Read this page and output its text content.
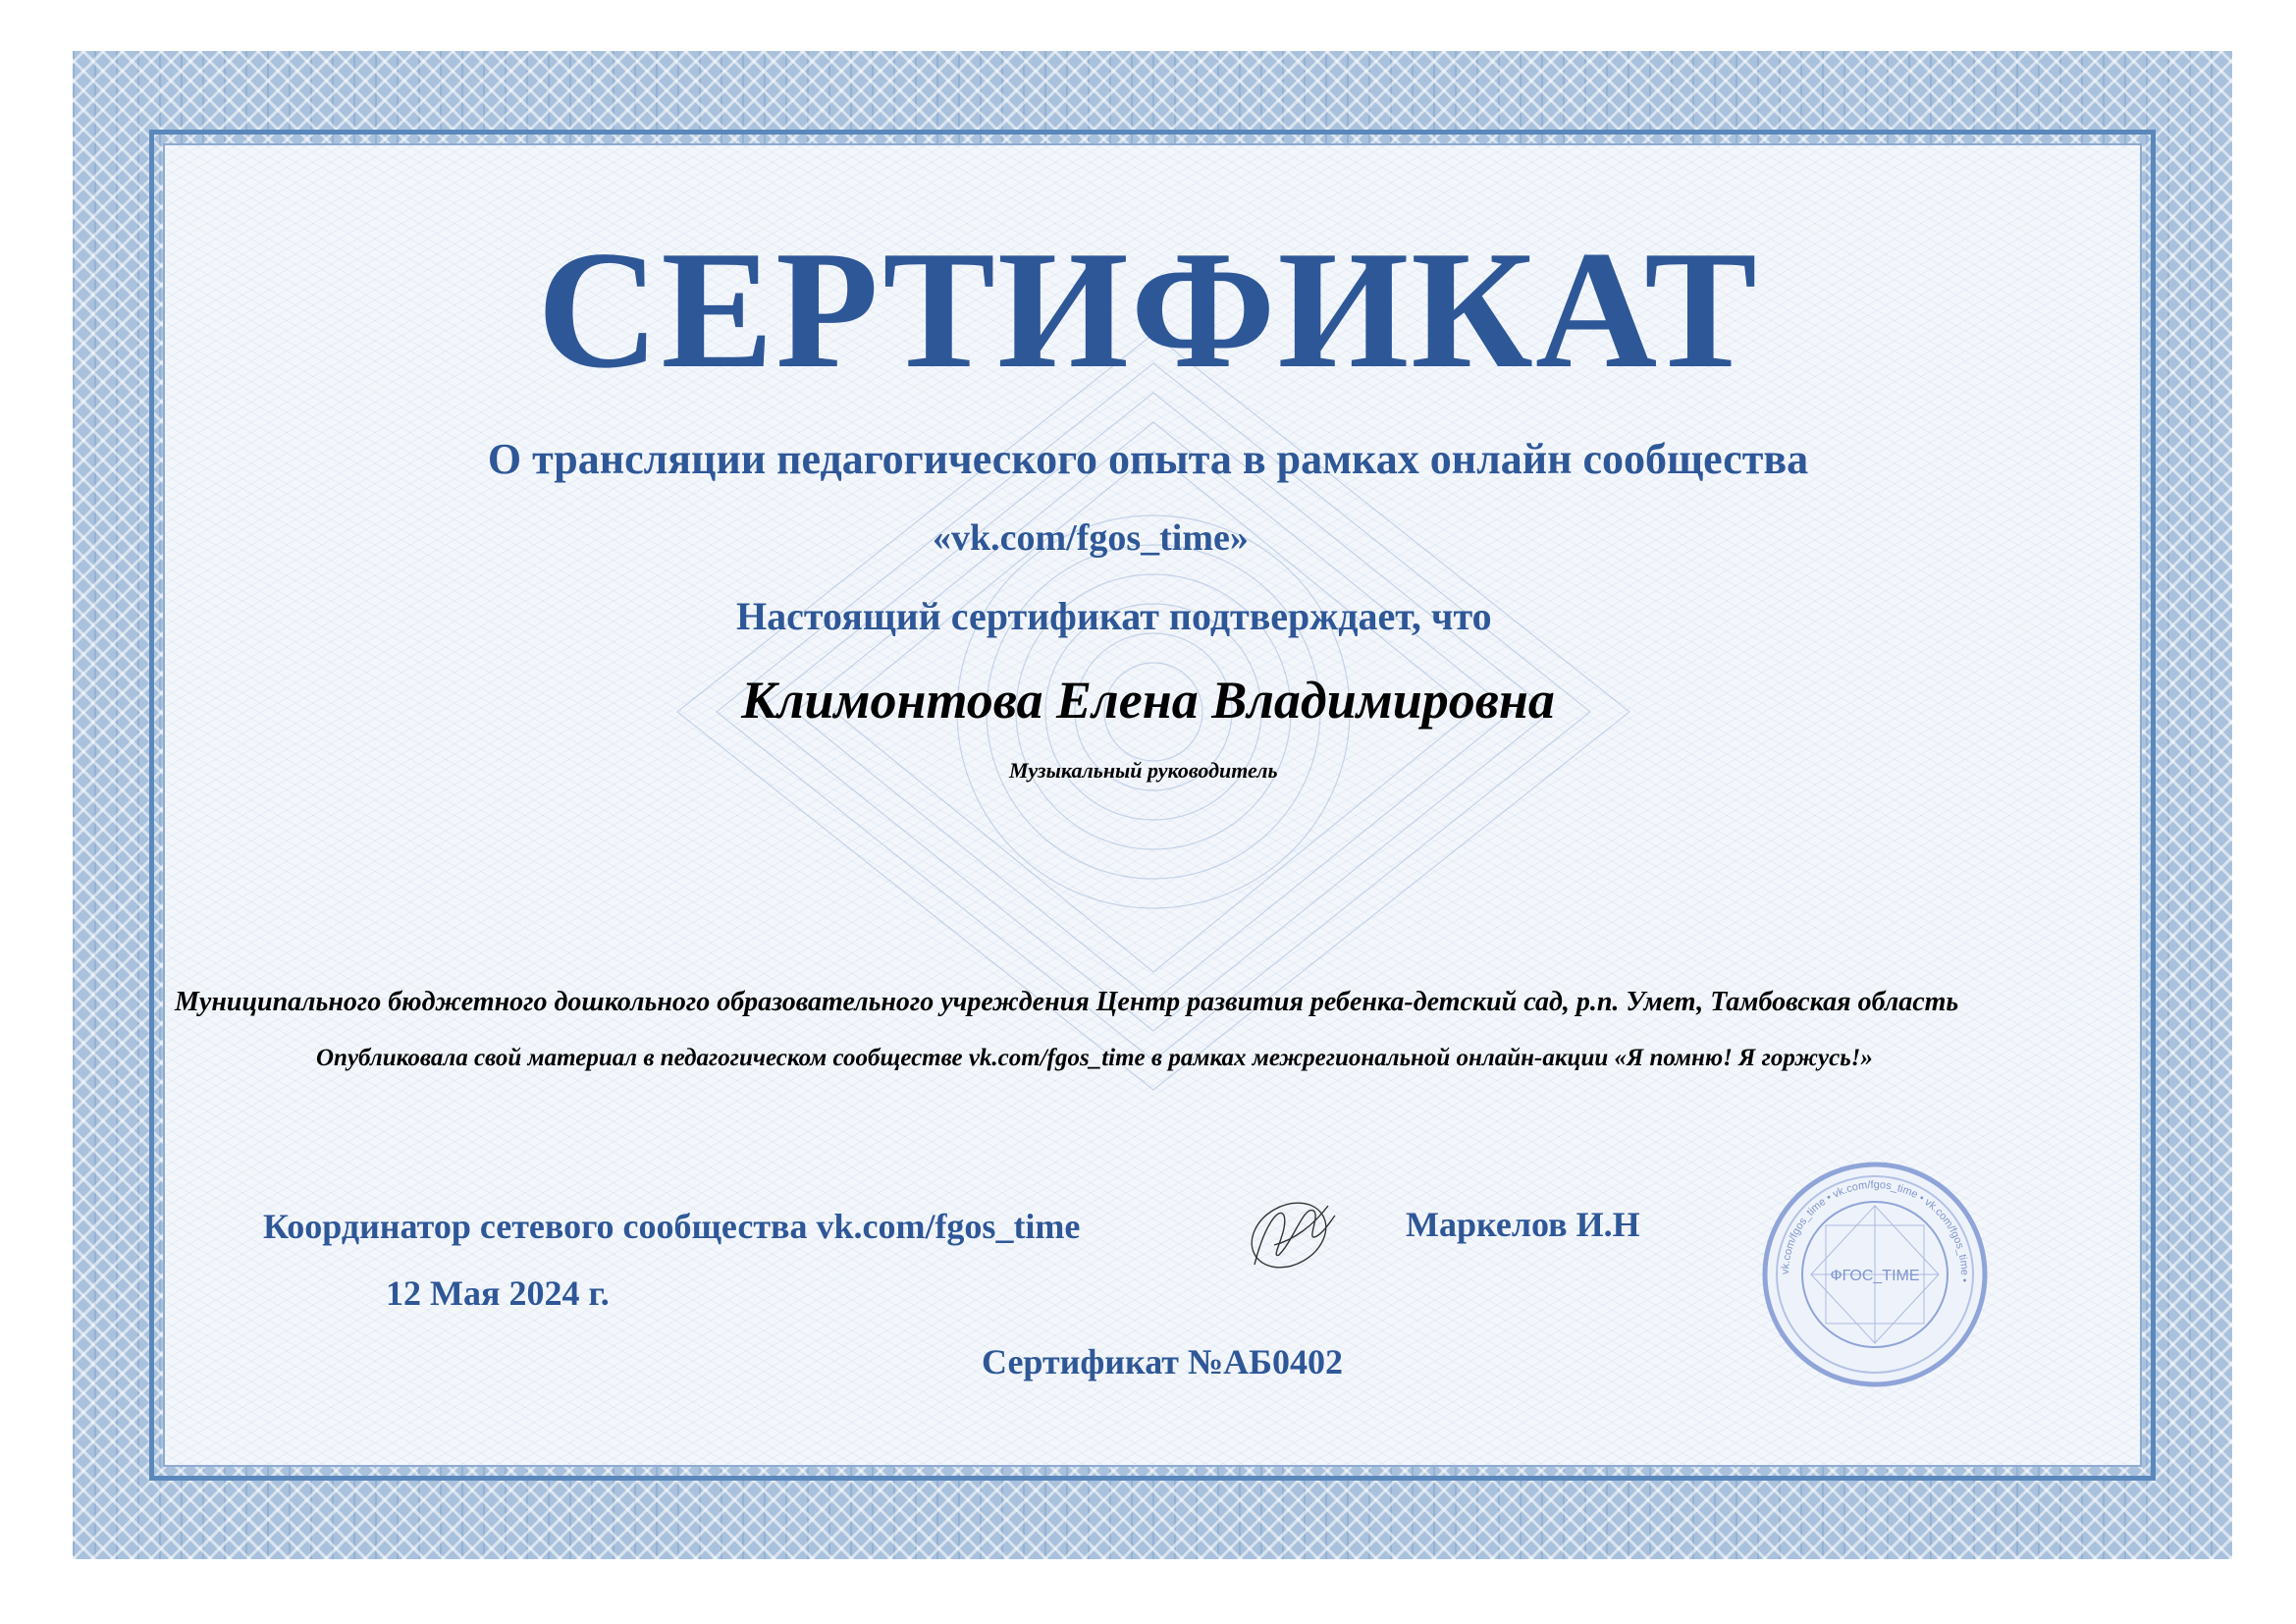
СЕРТИФИКАТ

О трансляции педагогического опыта в рамках онлайн сообщества

«vk.com/fgos_time»

Настоящий сертификат подтверждает, что

Климонтова Елена Владимировна

Музыкальный руководитель

Муниципального бюджетного дошкольного образовательного учреждения Центр развития ребенка-детский сад, р.п. Умет, Тамбовская область

Опубликовала свой материал в педагогическом сообществе vk.com/fgos_time в рамках межрегиональной онлайн-акции «Я помню! Я горжусь!»

Координатор сетевого сообщества vk.com/fgos_time	Маркелов И.Н

12 Мая 2024 г.

Сертификат №АБ0402

vk.com/fgos_time • vk.com/fgos_time • vk.com/fgos_time •
ФГОС_TIME
